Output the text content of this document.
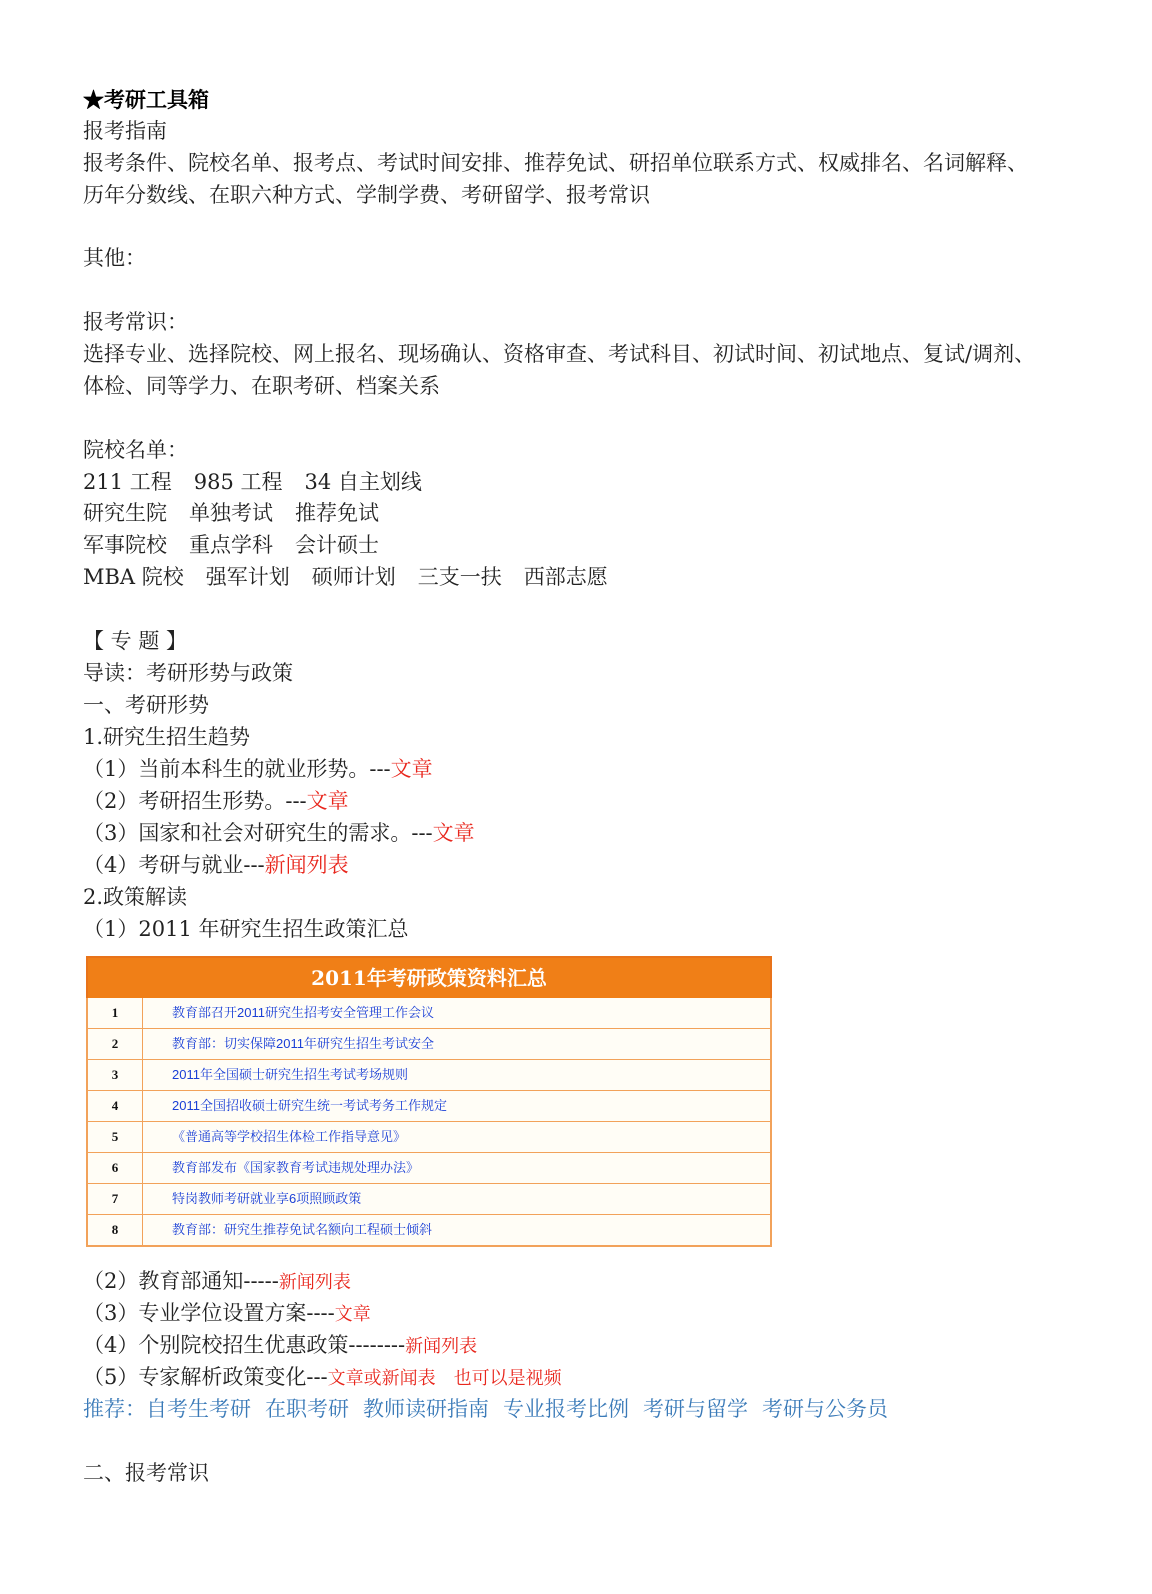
★考研工具箱
报考指南
报考条件、院校名单、报考点、考试时间安排、推荐免试、研招单位联系方式、权威排名、名词解释、
历年分数线、在职六种方式、学制学费、考研留学、报考常识
其他：
报考常识：
选择专业、选择院校、网上报名、现场确认、资格审查、考试科目、初试时间、初试地点、复试/调剂、
体检、同等学力、在职考研、档案关系
院校名单：
211 工程 985 工程 34 自主划线
研究生院 单独考试 推荐免试
军事院校 重点学科 会计硕士
MBA 院校 强军计划 硕师计划 三支一扶 西部志愿
【 专 题 】
导读：考研形势与政策
一、考研形势
1.研究生招生趋势
（1）当前本科生的就业形势。---文章
（2）考研招生形势。---文章
（3）国家和社会对研究生的需求。---文章
（4）考研与就业---新闻列表
2.政策解读
（1）2011 年研究生招生政策汇总
2011年考研政策资料汇总
1	教育部召开2011研究生招考安全管理工作会议
2	教育部：切实保障2011年研究生招生考试安全
3	2011年全国硕士研究生招生考试考场规则
4	2011全国招收硕士研究生统一考试考务工作规定
5	《普通高等学校招生体检工作指导意见》
6	教育部发布《国家教育考试违规处理办法》
7	特岗教师考研就业享6项照顾政策
8	教育部：研究生推荐免试名额向工程硕士倾斜
（2）教育部通知-----新闻列表
（3）专业学位设置方案----文章
（4）个别院校招生优惠政策--------新闻列表
（5）专家解析政策变化---文章或新闻表　也可以是视频
推荐：自考生考研 在职考研 教师读研指南 专业报考比例 考研与留学 考研与公务员
二、报考常识
